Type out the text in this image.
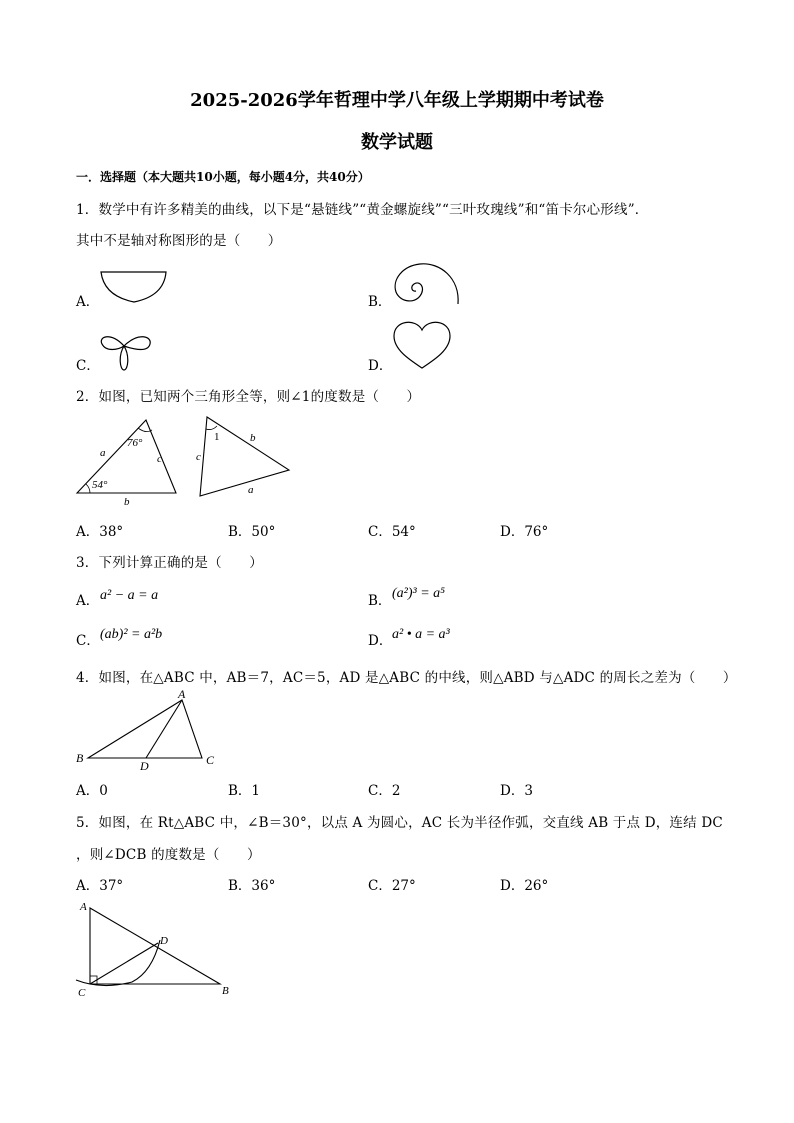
2025-2026学年哲理中学八年级上学期期中考试卷
数学试题
一．选择题（本大题共10小题，每小题4分，共40分）
1．数学中有许多精美的曲线，以下是“悬链线”“黄金螺旋线”“三叶玫瑰线”和“笛卡尔心形线”．
其中不是轴对称图形的是（　　）
A．	B．
C．	D．
2．如图，已知两个三角形全等，则∠1的度数是（　　）
76°
54°
a	c
b
1	b
c
a
A．38°	B．50°	C．54°	D．76°
3．下列计算正确的是（　　）
A． a² − a = a	B． (a²)³ = a⁵
C． (ab)² = a²b	D． a² • a = a³
4．如图，在△ABC 中，AB＝7，AC＝5，AD 是△ABC 的中线，则△ABD 与△ADC 的周长之差为（　　）
A
B	C
D
A．0	B．1	C．2	D．3
5．如图，在 Rt△ABC 中，∠B＝30°，以点 A 为圆心，AC 长为半径作弧，交直线 AB 于点 D，连结 DC
，则∠DCB 的度数是（　　）
A．37°	B．36°	C．27°	D．26°
A
C	B
D
